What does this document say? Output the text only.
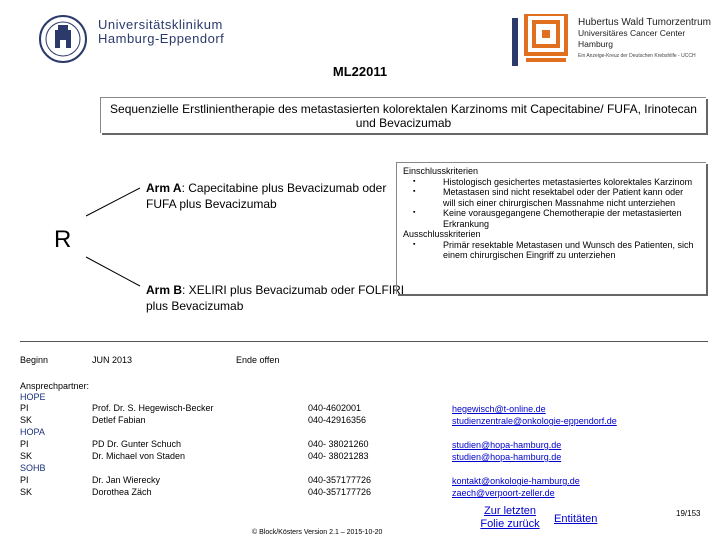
Universitätsklinikum
Hamburg-Eppendorf
Hubertus Wald Tumorzentrum
Universitäres Cancer Center Hamburg
Ein Anzeige-Kreuz der Deutschen Krebshilfe - UCCH
ML22011
Sequenzielle Erstlinientherapie des metastasierten kolorektalen Karzinoms mit Capecitabine/ FUFA, Irinotecan und Bevacizumab
R
Arm A: Capecitabine plus Bevacizumab oder FUFA plus Bevacizumab
Arm B: XELIRI plus Bevacizumab oder FOLFIRI plus Bevacizumab
Einschlusskriterien
▪	Histologisch gesichertes metastasiertes kolorektales Karzinom
▪	Metastasen sind nicht resektabel oder der Patient kann oder will sich einer chirurgischen Massnahme nicht unterziehen
▪	Keine vorausgegangene Chemotherapie der metastasierten Erkrankung
Ausschlusskriterien
▪	Primär resektable Metastasen und Wunsch des Patienten, sich einem chirurgischen Eingriff zu unterziehen
Beginn	JUN 2013	Ende offen
Ansprechpartner:
HOPE
PI	Prof. Dr. S. Hegewisch-Becker	040-4602001	hegewisch@t-online.de
SK	Detlef Fabian	040-42916356	studienzentrale@onkologie-eppendorf.de
HOPA
PI	PD Dr. Gunter Schuch	040- 38021260	studien@hopa-hamburg.de
SK	Dr. Michael von Staden	040- 38021283	studien@hopa-hamburg.de
SOHB
PI	Dr. Jan Wierecky	040-357177726	kontakt@onkologie-hamburg.de
SK	Dorothea Zäch	040-357177726	zaech@verpoort-zeller.de
Zur letzten
Folie zurück Entitäten
© Block/Kösters Version 2.1 – 2015-10-20
19/153
